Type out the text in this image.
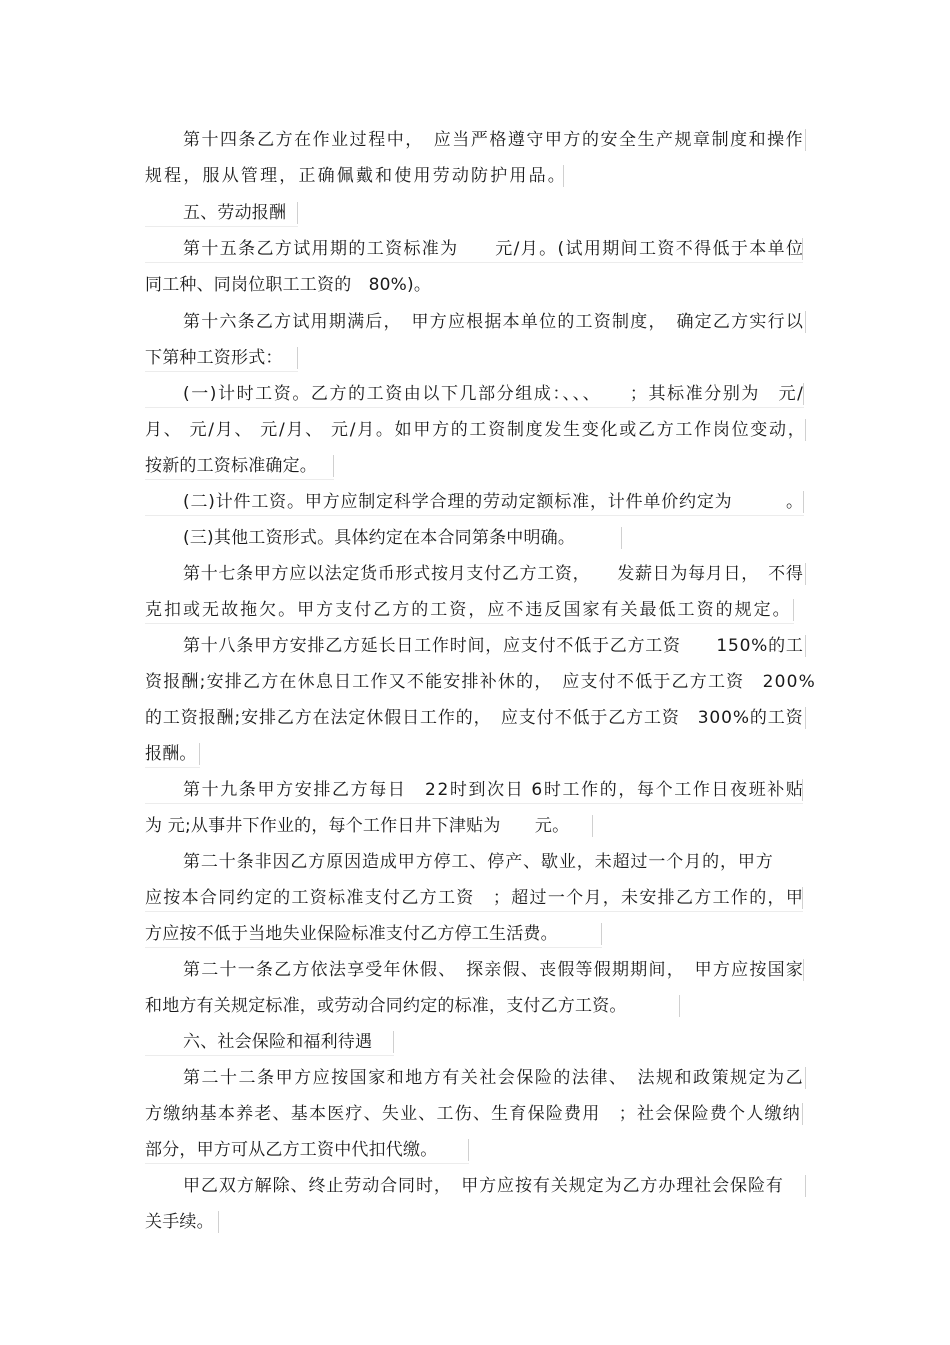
第十四条乙方在作业过程中，　应当严格遵守甲方的安全生产规章制度和操作
规程，服从管理，正确佩戴和使用劳动防护用品。
五、劳动报酬
第十五条乙方试用期的工资标准为　　元/月。(试用期间工资不得低于本单位
同工种、同岗位职工工资的　80%)。
第十六条乙方试用期满后，　甲方应根据本单位的工资制度，　确定乙方实行以
下第种工资形式：
(一)计时工资。乙方的工资由以下几部分组成：、、、　　；其标准分别为　元/
月、 元/月、 元/月、 元/月。如甲方的工资制度发生变化或乙方工作岗位变动，
按新的工资标准确定。
(二)计件工资。甲方应制定科学合理的劳动定额标准，计件单价约定为　　　。
(三)其他工资形式。具体约定在本合同第条中明确。
第十七条甲方应以法定货币形式按月支付乙方工资，　　发薪日为每月日，　不得
克扣或无故拖欠。甲方支付乙方的工资，应不违反国家有关最低工资的规定。
第十八条甲方安排乙方延长日工作时间，应支付不低于乙方工资　　150%的工
资报酬;安排乙方在休息日工作又不能安排补休的，　应支付不低于乙方工资　200%
的工资报酬;安排乙方在法定休假日工作的，　应支付不低于乙方工资　300%的工资
报酬。
第十九条甲方安排乙方每日　22时到次日 6时工作的，每个工作日夜班补贴
为 元;从事井下作业的，每个工作日井下津贴为　　元。
第二十条非因乙方原因造成甲方停工、停产、歇业，未超过一个月的，甲方
应按本合同约定的工资标准支付乙方工资　；超过一个月，未安排乙方工作的，甲
方应按不低于当地失业保险标准支付乙方停工生活费。
第二十一条乙方依法享受年休假、　探亲假、丧假等假期期间，　甲方应按国家
和地方有关规定标准，或劳动合同约定的标准，支付乙方工资。
六、社会保险和福利待遇
第二十二条甲方应按国家和地方有关社会保险的法律、　法规和政策规定为乙
方缴纳基本养老、基本医疗、失业、工伤、生育保险费用　；社会保险费个人缴纳
部分，甲方可从乙方工资中代扣代缴。
甲乙双方解除、终止劳动合同时，　甲方应按有关规定为乙方办理社会保险有
关手续。
